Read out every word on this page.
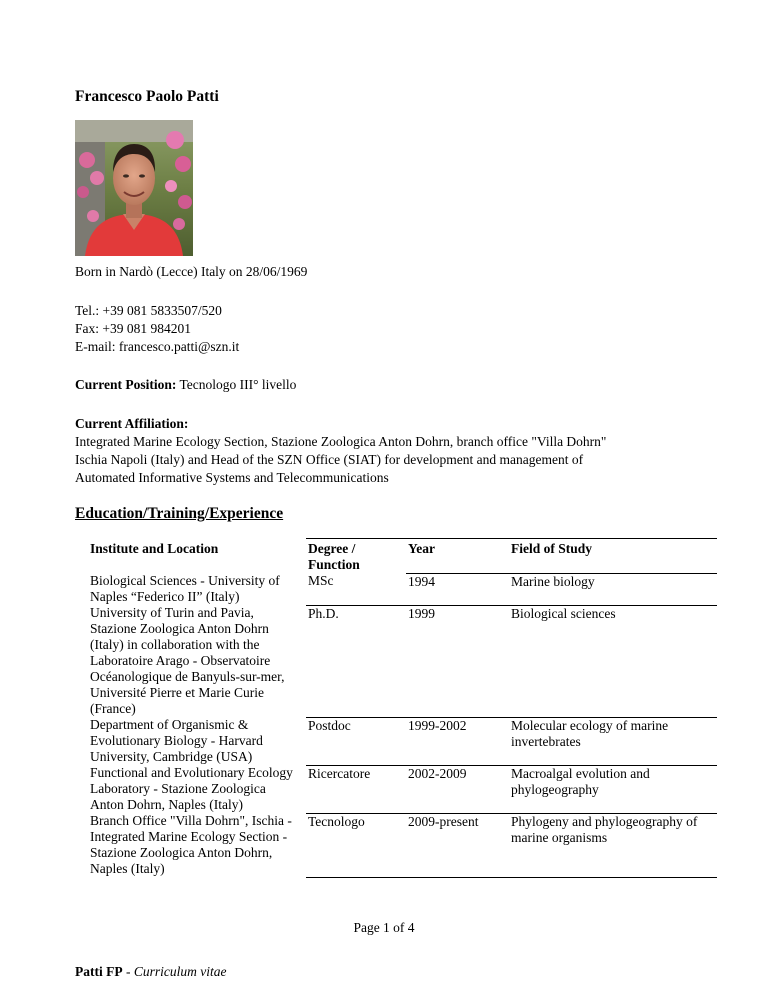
Francesco Paolo Patti
Born in Nardò (Lecce) Italy on 28/06/1969
Tel.: +39 081 5833507/520
Fax: +39 081 984201
E-mail: francesco.patti@szn.it
Current Position: Tecnologo III° livello
Current Affiliation:
Integrated Marine Ecology Section, Stazione Zoologica Anton Dohrn, branch office "Villa Dohrn"
Ischia Napoli (Italy) and Head of the SZN Office (SIAT) for development and management of
Automated Informative Systems and Telecommunications
Education/Training/Experience
Institute and Location	Degree / Function	Year	Field of Study
Biological Sciences - University of Naples “Federico II” (Italy)	MSc	1994	Marine biology
University of Turin and Pavia, Stazione Zoologica Anton Dohrn (Italy) in collaboration with the Laboratoire Arago - Observatoire Océanologique de Banyuls-sur-mer, Université Pierre et Marie Curie (France)	Ph.D.	1999	Biological sciences
Department of Organismic & Evolutionary Biology - Harvard University, Cambridge (USA)	Postdoc	1999-2002	Molecular ecology of marine invertebrates
Functional and Evolutionary Ecology Laboratory - Stazione Zoologica Anton Dohrn, Naples (Italy)	Ricercatore	2002-2009	Macroalgal evolution and phylogeography
Branch Office "Villa Dohrn", Ischia - Integrated Marine Ecology Section - Stazione Zoologica Anton Dohrn, Naples (Italy)	Tecnologo	2009-present	Phylogeny and phylogeography of marine organisms
Page 1 of 4
Patti FP - Curriculum vitae
